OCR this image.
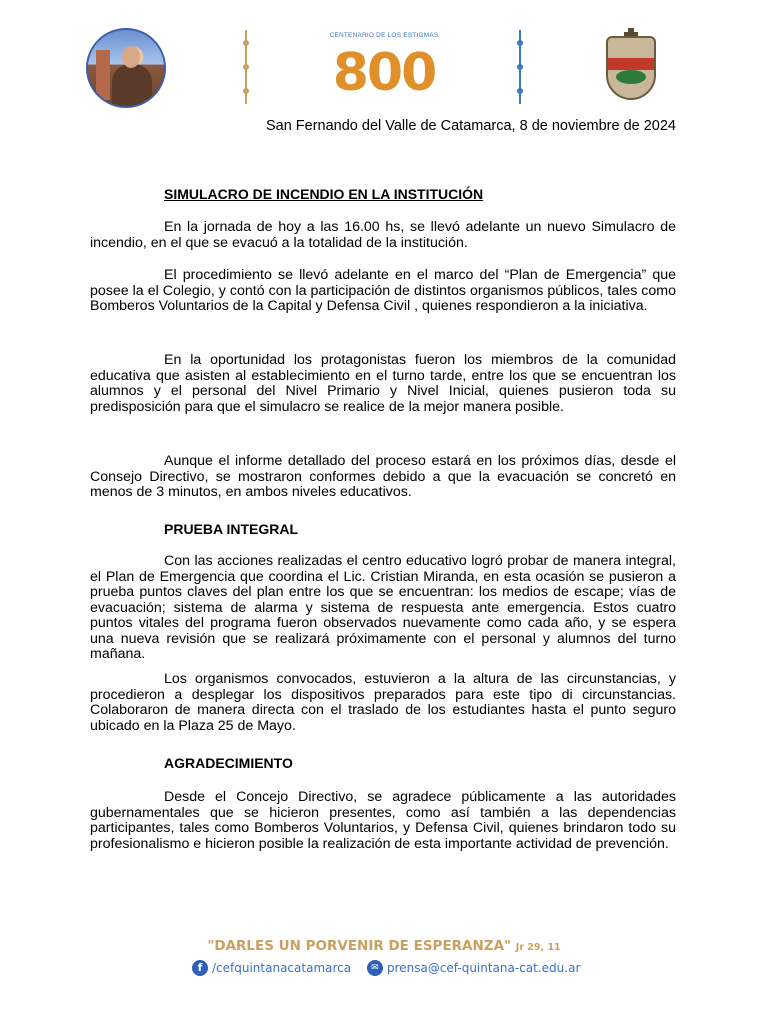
CENTENARIO DE LOS ESTIGMAS
800
San Fernando del Valle de Catamarca, 8 de noviembre de 2024
SIMULACRO DE INCENDIO EN LA INSTITUCIÓN
En la jornada de hoy a las 16.00 hs, se llevó adelante un nuevo Simulacro de incendio, en el que se evacuó a la totalidad de la institución.
El procedimiento se llevó adelante en el marco del “Plan de Emergencia” que posee la el Colegio, y contó con la participación de distintos organismos públicos, tales como Bomberos Voluntarios de la Capital y Defensa Civil , quienes respondieron a la iniciativa.
En la oportunidad los protagonistas fueron los miembros de la comunidad educativa que asisten al establecimiento en el turno tarde, entre los que se encuentran los alumnos y el personal del Nivel Primario y Nivel Inicial, quienes pusieron toda su predisposición para que el simulacro se realice de la mejor manera posible.
Aunque el informe detallado del proceso estará en los próximos días, desde el Consejo Directivo, se mostraron conformes debido a que la evacuación se concretó en menos de 3 minutos, en ambos niveles educativos.
PRUEBA INTEGRAL
Con las acciones realizadas el centro educativo logró probar de manera integral, el Plan de Emergencia que coordina el Lic. Cristian Miranda, en esta ocasión se pusieron a prueba puntos claves del plan entre los que se encuentran: los medios de escape; vías de evacuación; sistema de alarma y sistema de respuesta ante emergencia. Estos cuatro puntos vitales del programa fueron observados nuevamente como cada año, y se espera una nueva revisión que se realizará próximamente con el personal y alumnos del turno mañana.
Los organismos convocados, estuvieron a la altura de las circunstancias, y procedieron a desplegar los dispositivos preparados para este tipo di circunstancias. Colaboraron de manera directa con el traslado de los estudiantes hasta el punto seguro ubicado en la Plaza 25 de Mayo.
AGRADECIMIENTO
Desde el Concejo Directivo, se agradece públicamente a las autoridades gubernamentales que se hicieron presentes, como así también a las dependencias participantes, tales como Bomberos Voluntarios, y Defensa Civil, quienes brindaron todo su profesionalismo e hicieron posible la realización de esta importante actividad de prevención.
"DARLES UN PORVENIR DE ESPERANZA" Jr 29, 11
f /cefquintanacatamarca ✉ prensa@cef-quintana-cat.edu.ar
